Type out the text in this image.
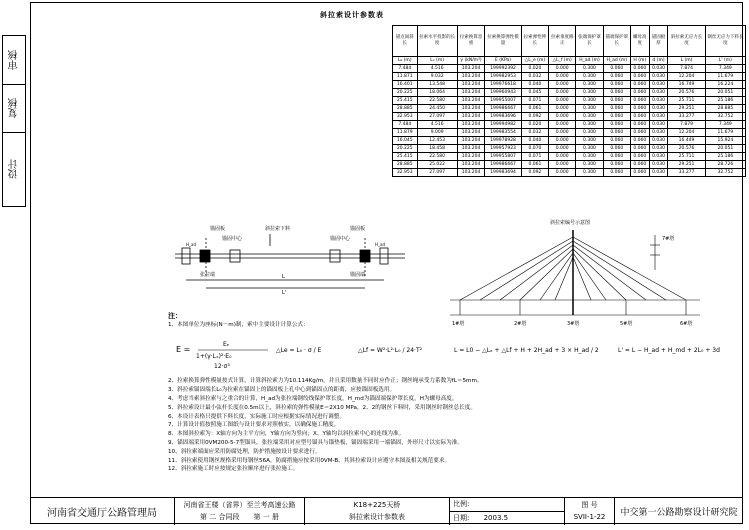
审核
复核
设计
斜拉索设计参数表
锚点间斜 长	拉索水平投影的长度	拉索换算容重	拉索换算弹性模量	拉索弹性伸长	拉索垂度修正	张端保护罩长	锚端保护罩长	螺母高度	锚固板厚	斜拉索无应力长 度	钢丝无应力下料长度
L₀ (m)	Lₓ (m)	γ (kN/m³)	E (KPa)	△L_e (m)	△L_f (m)	H_ad (m)	H_ad (m)	H (m)	d (m)	L (m)	L' (m)
7.484	4.516	103.204	199992392	0.020	0.000	0.300	0.060	0.060	0.030	7.874	7.349
11.871	9.032	103.204	199982953	0.032	0.000	0.300	0.060	0.060	0.030	12.204	11.679
16.401	13.548	103.204	199976618	0.040	0.000	0.300	0.060	0.060	0.030	16.749	16.224
20.225	18.064	103.204	199960943	0.045	0.000	0.300	0.060	0.060	0.030	20.576	20.051
25.415	22.580	103.204	199955007	0.071	0.000	0.300	0.060	0.060	0.030	25.711	25.186
28.885	24.450	103.204	199986667	0.061	0.000	0.300	0.060	0.060	0.030	29.251	28.885
32.953	27.097	103.204	199983696	0.092	0.000	0.300	0.060	0.060	0.030	33.277	32.752
7.484	4.516	103.204	199994982	0.020	0.000	0.300	0.060	0.060	0.030	7.879	7.349
11.879	9.009	103.204	199983554	0.032	0.000	0.300	0.060	0.060	0.030	12.204	11.679
16.045	12.453	103.204	199978928	0.040	0.000	0.300	0.060	0.060	0.030	16.449	15.924
20.225	18.458	103.204	199957923	0.070	0.000	0.300	0.060	0.060	0.030	20.576	20.051
25.415	22.580	103.204	199955807	0.071	0.000	0.300	0.060	0.060	0.030	25.711	25.186
28.885	25.022	103.204	199986667	0.061	0.000	0.300	0.060	0.060	0.030	29.251	28.726
32.953	27.097	103.204	199983694	0.092	0.000	0.300	0.060	0.060	0.030	33.277	32.752
锚固板
锚固中心
斜拉索下料	锚固板
锚固中心
张拉端	锚固端
L
L'
H_ad	H_ad
斜拉索编号示意图
1#塔	2#塔	3#塔	5#塔	6#塔
7#塔
注：
1、本图单位为座标(N－m)制，索中主要设计计算公式：
E =
Eₑ
1+(γ·Lₓ)²·E₀
12·σ³
△Le = L₀ · σ / E	△Lf = W²·L²·L₀ / 24·T²	L = L0 − △Lₑ + △Lf + H + 2H_ad + 3 × H_ad / 2	L' = L − H_ad + H_md + 2L₀ + 3d
2、拉索换算弹性模量按式计算，计算斜拉索力为10.114Kg/m，并且采用数量不同时应作正；钢丝绳承受力系数为fL＝5mm。
3、斜拉索锚固端长L₀为拉索在锚固上的锚固板上孔中心到锚固点的距离，应按锚固板选用。
4、考虑当索斜拉索与之重合的计算，H_ad为张拉端钢绞线保护罩长度，H_md为锚固端保护罩长度，H为螺母高度。
5、斜拉索设计最小弦杆长度在0.5m以上，斜拉索的弹性模量E＝2X10 MPa，2、2的钢丝下料时，采用钢丝时钢丝总长度。
6、本设计表格只提供下料长度，实际施工时应根据实际情况进行调整。
7、计算设计值按照施工图纸与设计要求对照核实，以确保施工精度。
8、本图斜拉索为：X轴方向为主平方向，Y轴方向为竖向；X、Y轴均以斜拉索中心的连线为准。
9、锚固端采用0VM200-5-7型锚具，张拉端采用对应型号锚具与锚垫板，锚固端采用一端锚固，外形尺寸以实际为准。
10、斜拉索端面应采用防腐处理，防护措施按设计要求进行。
11、斜拉索使用钢丝规格采用每钢丝56A，防腐措施应按采用0VM-B，其斜拉索设计应遵守本图及相关规范要求。
12、斜拉索施工时应按规定张拉顺序进行张拉施工。
河南省交通厅公路管理局
河南省王楼（省界）至兰考高速公路
第 二 合同段　　第 一 册
K18+225天桥
斜拉索设计参数表
比例:
日期: 2003.5
图 号
SVII-1-22	中交第一公路勘察设计研究院
